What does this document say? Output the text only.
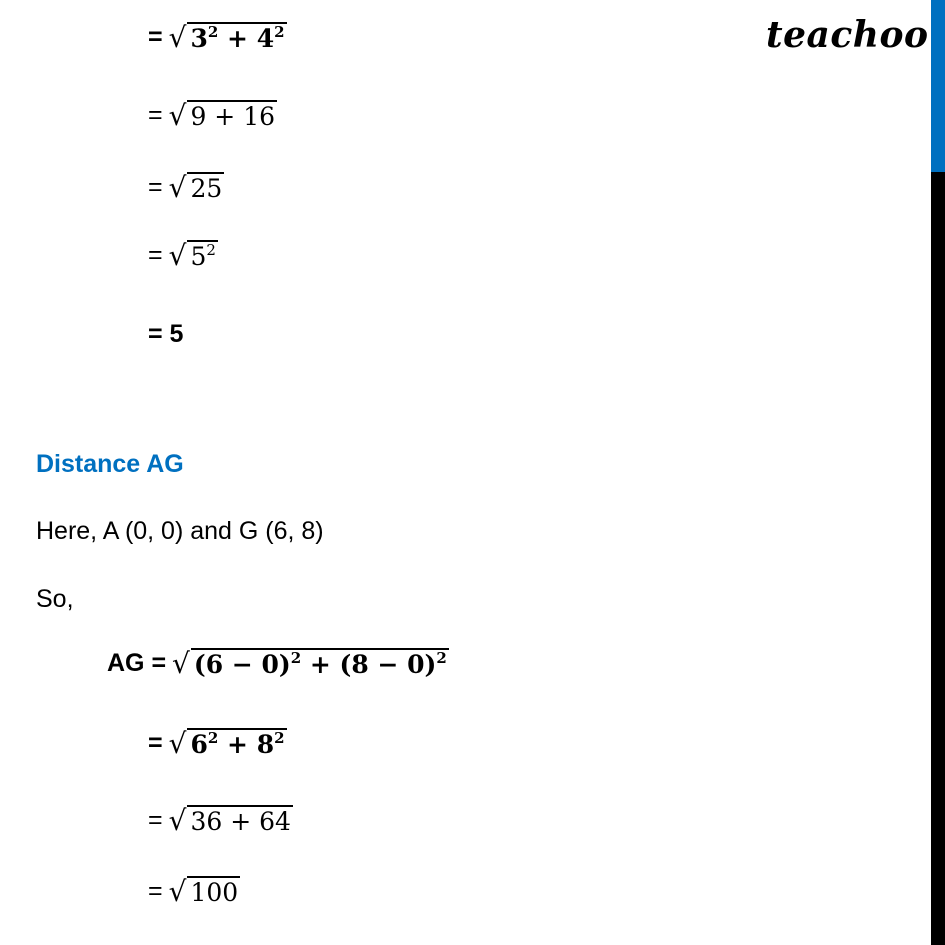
teachoo
= √ $3^2 + 4^2$
= √ 9 + 16
= √ 25
= √ $5^2$
= 5
Distance AG
Here, A (0, 0) and G (6, 8)
So,
AG = √ $(6 - 0)^2 + (8 - 0)^2$
= √ $6^2 + 8^2$
= √ 36 + 64
= √ 100
